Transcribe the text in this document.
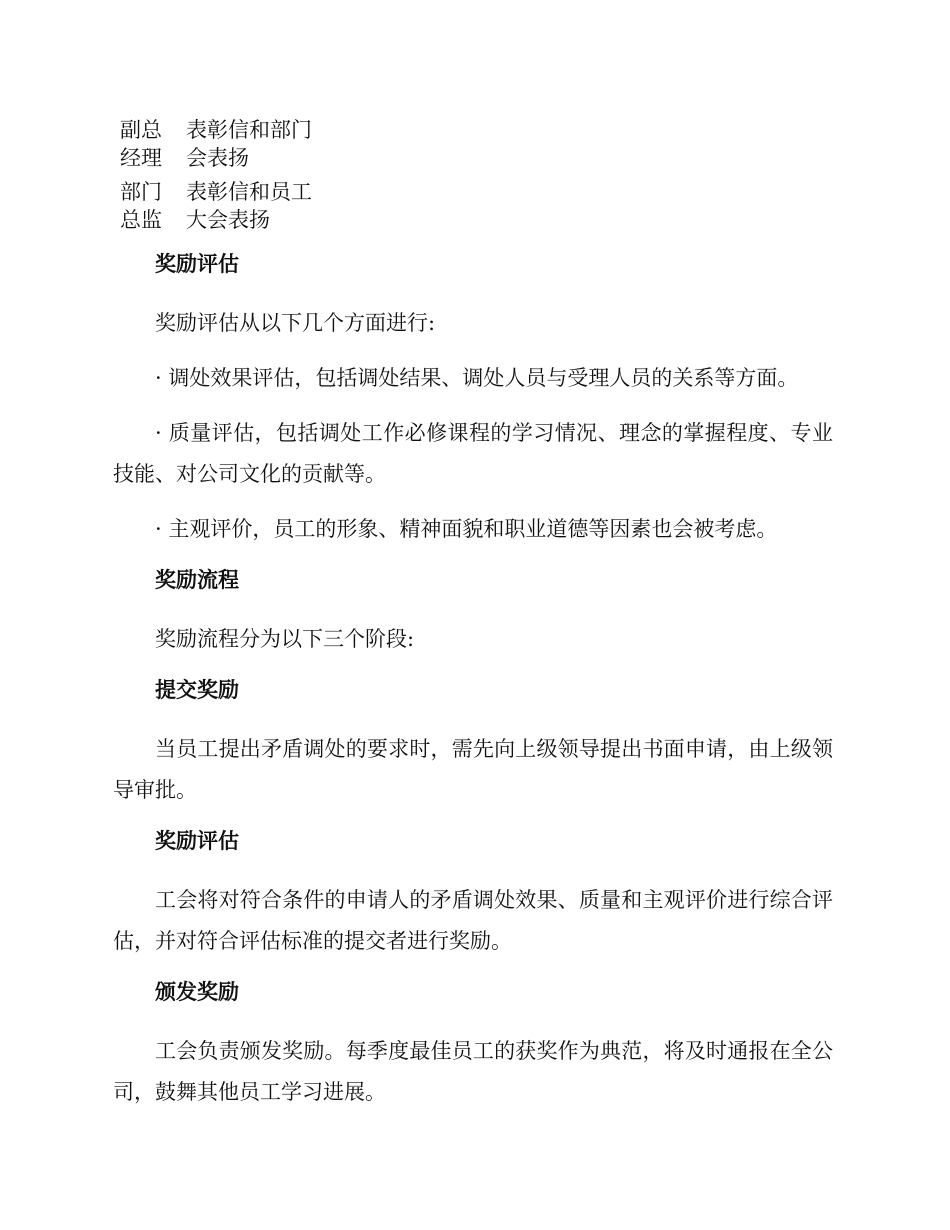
副总
经理
表彰信和部门
会表扬
部门
总监
表彰信和员工
大会表扬
奖励评估
奖励评估从以下几个方面进行:
· 调处效果评估，包括调处结果、调处人员与受理人员的关系等方面。
· 质量评估，包括调处工作必修课程的学习情况、理念的掌握程度、专业技能、对公司文化的贡献等。
· 主观评价，员工的形象、精神面貌和职业道德等因素也会被考虑。
奖励流程
奖励流程分为以下三个阶段:
提交奖励
当员工提出矛盾调处的要求时，需先向上级领导提出书面申请，由上级领导审批。
奖励评估
工会将对符合条件的申请人的矛盾调处效果、质量和主观评价进行综合评估，并对符合评估标准的提交者进行奖励。
颁发奖励
工会负责颁发奖励。每季度最佳员工的获奖作为典范，将及时通报在全公司，鼓舞其他员工学习进展。
